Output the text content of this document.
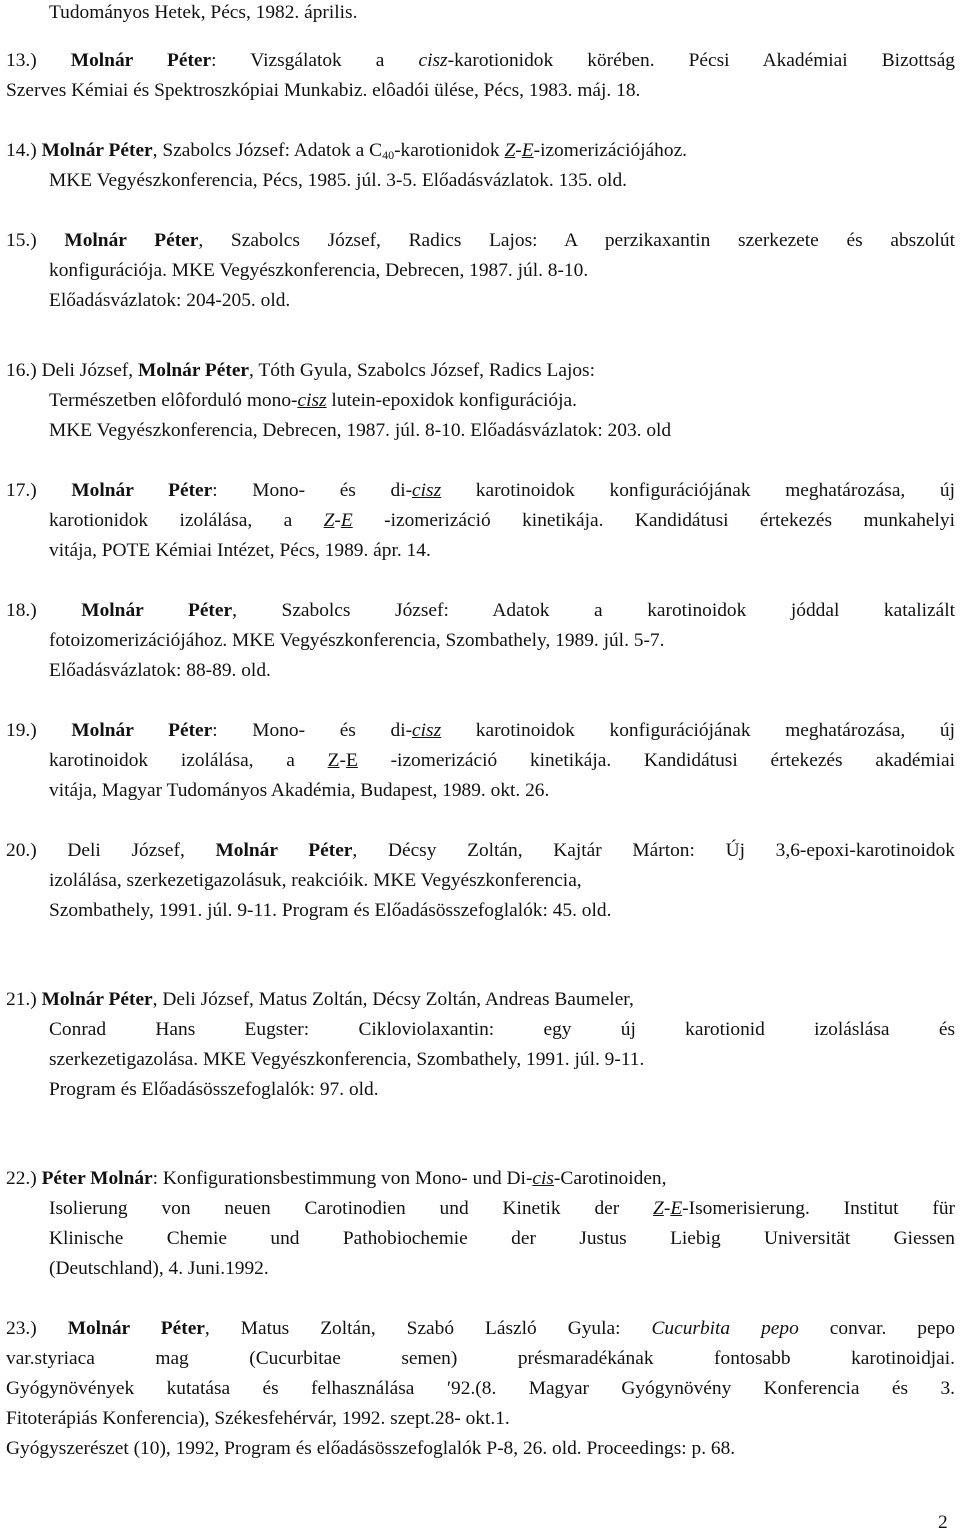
Tudományos Hetek, Pécs, 1982. április.
13.) Molnár Péter: Vizsgálatok a cisz-karotionidok körében. Pécsi Akadémiai Bizottság
Szerves Kémiai és Spektroszkópiai Munkabiz. elôadói ülése, Pécs, 1983. máj. 18.
14.) Molnár Péter, Szabolcs József: Adatok a $C_{40}$-karotionidok Z-E-izomerizációjához.
MKE Vegyészkonferencia, Pécs, 1985. júl. 3-5. Előadásvázlatok. 135. old.
15.) Molnár Péter, Szabolcs József, Radics Lajos: A perzikaxantin szerkezete és abszolút
konfigurációja. MKE Vegyészkonferencia, Debrecen, 1987. júl. 8-10.
Előadásvázlatok: 204-205. old.
16.) Deli József, Molnár Péter, Tóth Gyula, Szabolcs József, Radics Lajos:
Természetben elôforduló mono-cisz lutein-epoxidok konfigurációja.
MKE Vegyészkonferencia, Debrecen, 1987. júl. 8-10. Előadásvázlatok: 203. old
17.) Molnár Péter: Mono- és di-cisz karotinoidok konfigurációjának meghatározása, új
karotionidok izolálása, a Z-E -izomerizáció kinetikája. Kandidátusi értekezés munkahelyi
vitája, POTE Kémiai Intézet, Pécs, 1989. ápr. 14.
18.) Molnár Péter, Szabolcs József: Adatok a karotinoidok jóddal katalizált
fotoizomerizációjához. MKE Vegyészkonferencia, Szombathely, 1989. júl. 5-7.
Előadásvázlatok: 88-89. old.
19.) Molnár Péter: Mono- és di-cisz karotinoidok konfigurációjának meghatározása, új
karotinoidok izolálása, a Z-E -izomerizáció kinetikája. Kandidátusi értekezés akadémiai
vitája, Magyar Tudományos Akadémia, Budapest, 1989. okt. 26.
20.) Deli József, Molnár Péter, Décsy Zoltán, Kajtár Márton: Új 3,6-epoxi-karotinoidok
izolálása, szerkezetigazolásuk, reakcióik. MKE Vegyészkonferencia,
Szombathely, 1991. júl. 9-11. Program és Előadásösszefoglalók: 45. old.
21.) Molnár Péter, Deli József, Matus Zoltán, Décsy Zoltán, Andreas Baumeler,
Conrad Hans Eugster: Cikloviolaxantin: egy új karotionid izoláslása és
szerkezetigazolása. MKE Vegyészkonferencia, Szombathely, 1991. júl. 9-11.
Program és Előadásösszefoglalók: 97. old.
22.) Péter Molnár: Konfigurationsbestimmung von Mono- und Di-cis-Carotinoiden,
Isolierung von neuen Carotinodien und Kinetik der Z-E-Isomerisierung. Institut für
Klinische Chemie und Pathobiochemie der Justus Liebig Universität Giessen
(Deutschland), 4. Juni.1992.
23.) Molnár Péter, Matus Zoltán, Szabó László Gyula: Cucurbita pepo convar. pepo
var.styriaca mag (Cucurbitae semen) présmaradékának fontosabb karotinoidjai.
Gyógynövények kutatása és felhasználása ′92.(8. Magyar Gyógynövény Konferencia és 3.
Fitoterápiás Konferencia), Székesfehérvár, 1992. szept.28- okt.1.
Gyógyszerészet (10), 1992, Program és előadásösszefoglalók P-8, 26. old. Proceedings: p. 68.
2
